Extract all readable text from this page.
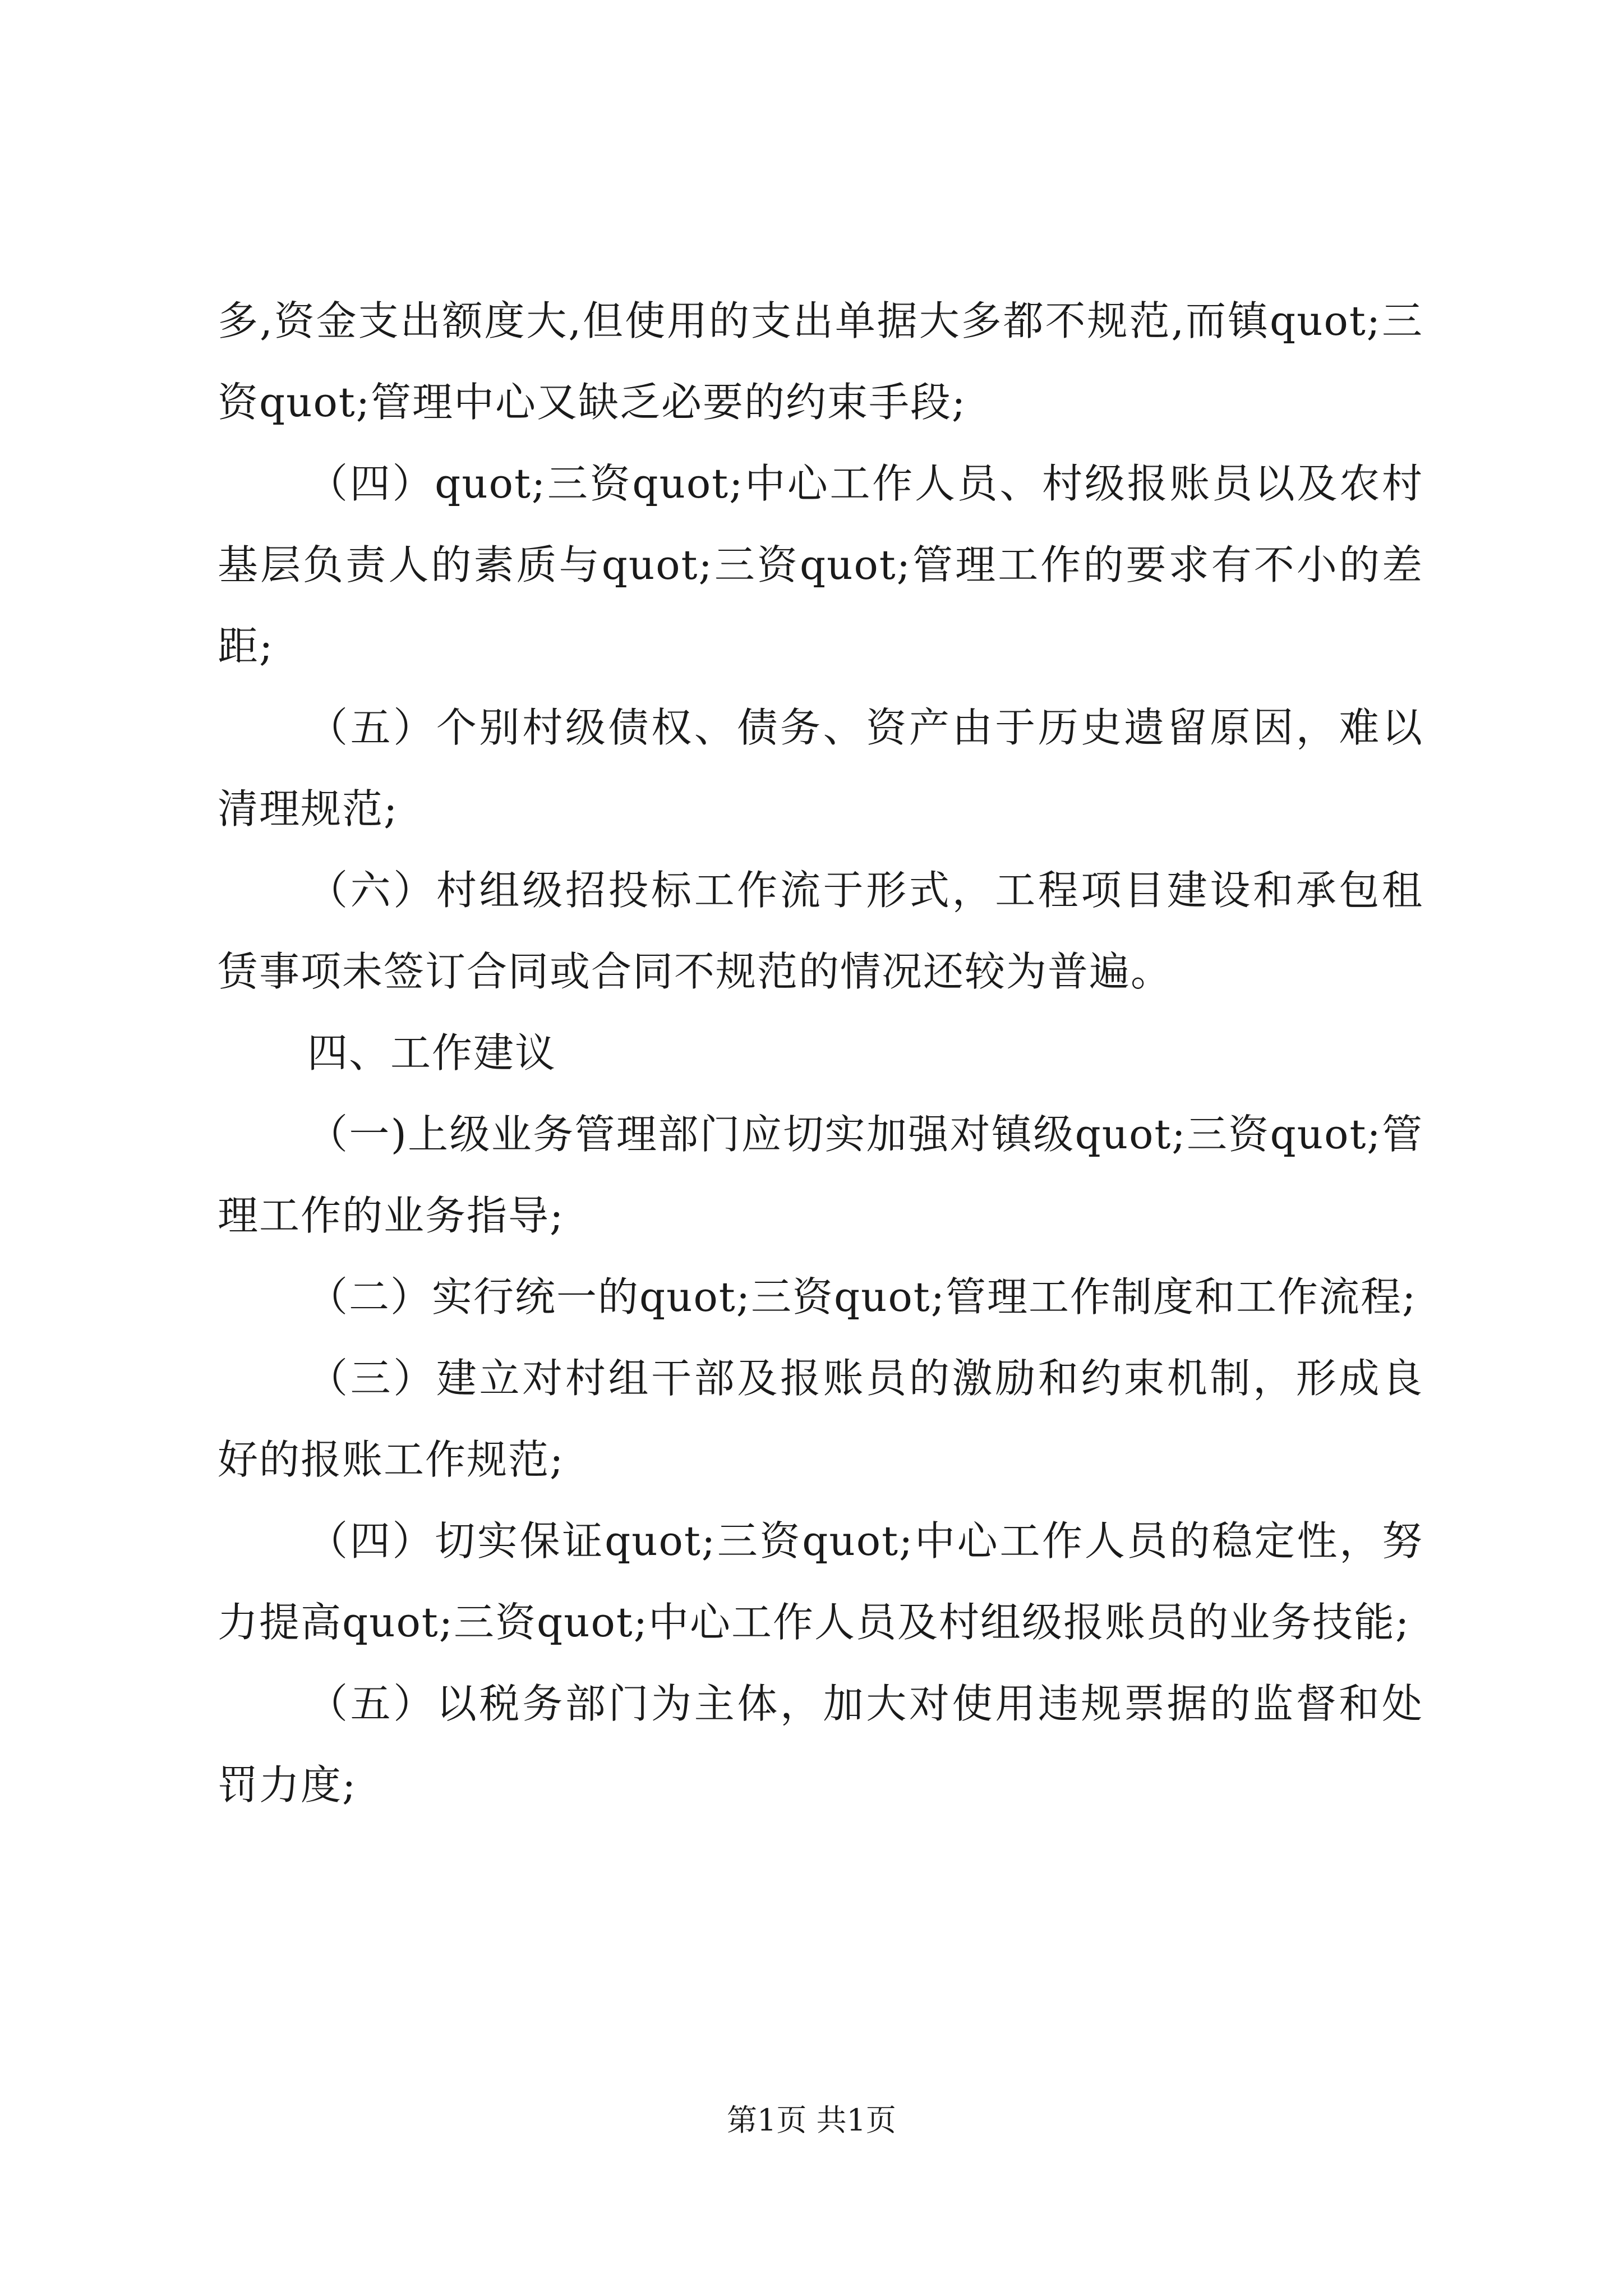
多,资金支出额度大,但使用的支出单据大多都不规范,而镇quot;三资quot;管理中心又缺乏必要的约束手段;

（四）quot;三资quot;中心工作人员、村级报账员以及农村基层负责人的素质与quot;三资quot;管理工作的要求有不小的差距;

（五）个别村级债权、债务、资产由于历史遗留原因，难以清理规范;

（六）村组级招投标工作流于形式，工程项目建设和承包租赁事项未签订合同或合同不规范的情况还较为普遍。

四、工作建议

（一)上级业务管理部门应切实加强对镇级quot;三资quot;管理工作的业务指导;

（二）实行统一的quot;三资quot;管理工作制度和工作流程;

（三）建立对村组干部及报账员的激励和约束机制，形成良好的报账工作规范;

（四）切实保证quot;三资quot;中心工作人员的稳定性，努力提高quot;三资quot;中心工作人员及村组级报账员的业务技能;

（五）以税务部门为主体，加大对使用违规票据的监督和处罚力度;

第1页 共1页
